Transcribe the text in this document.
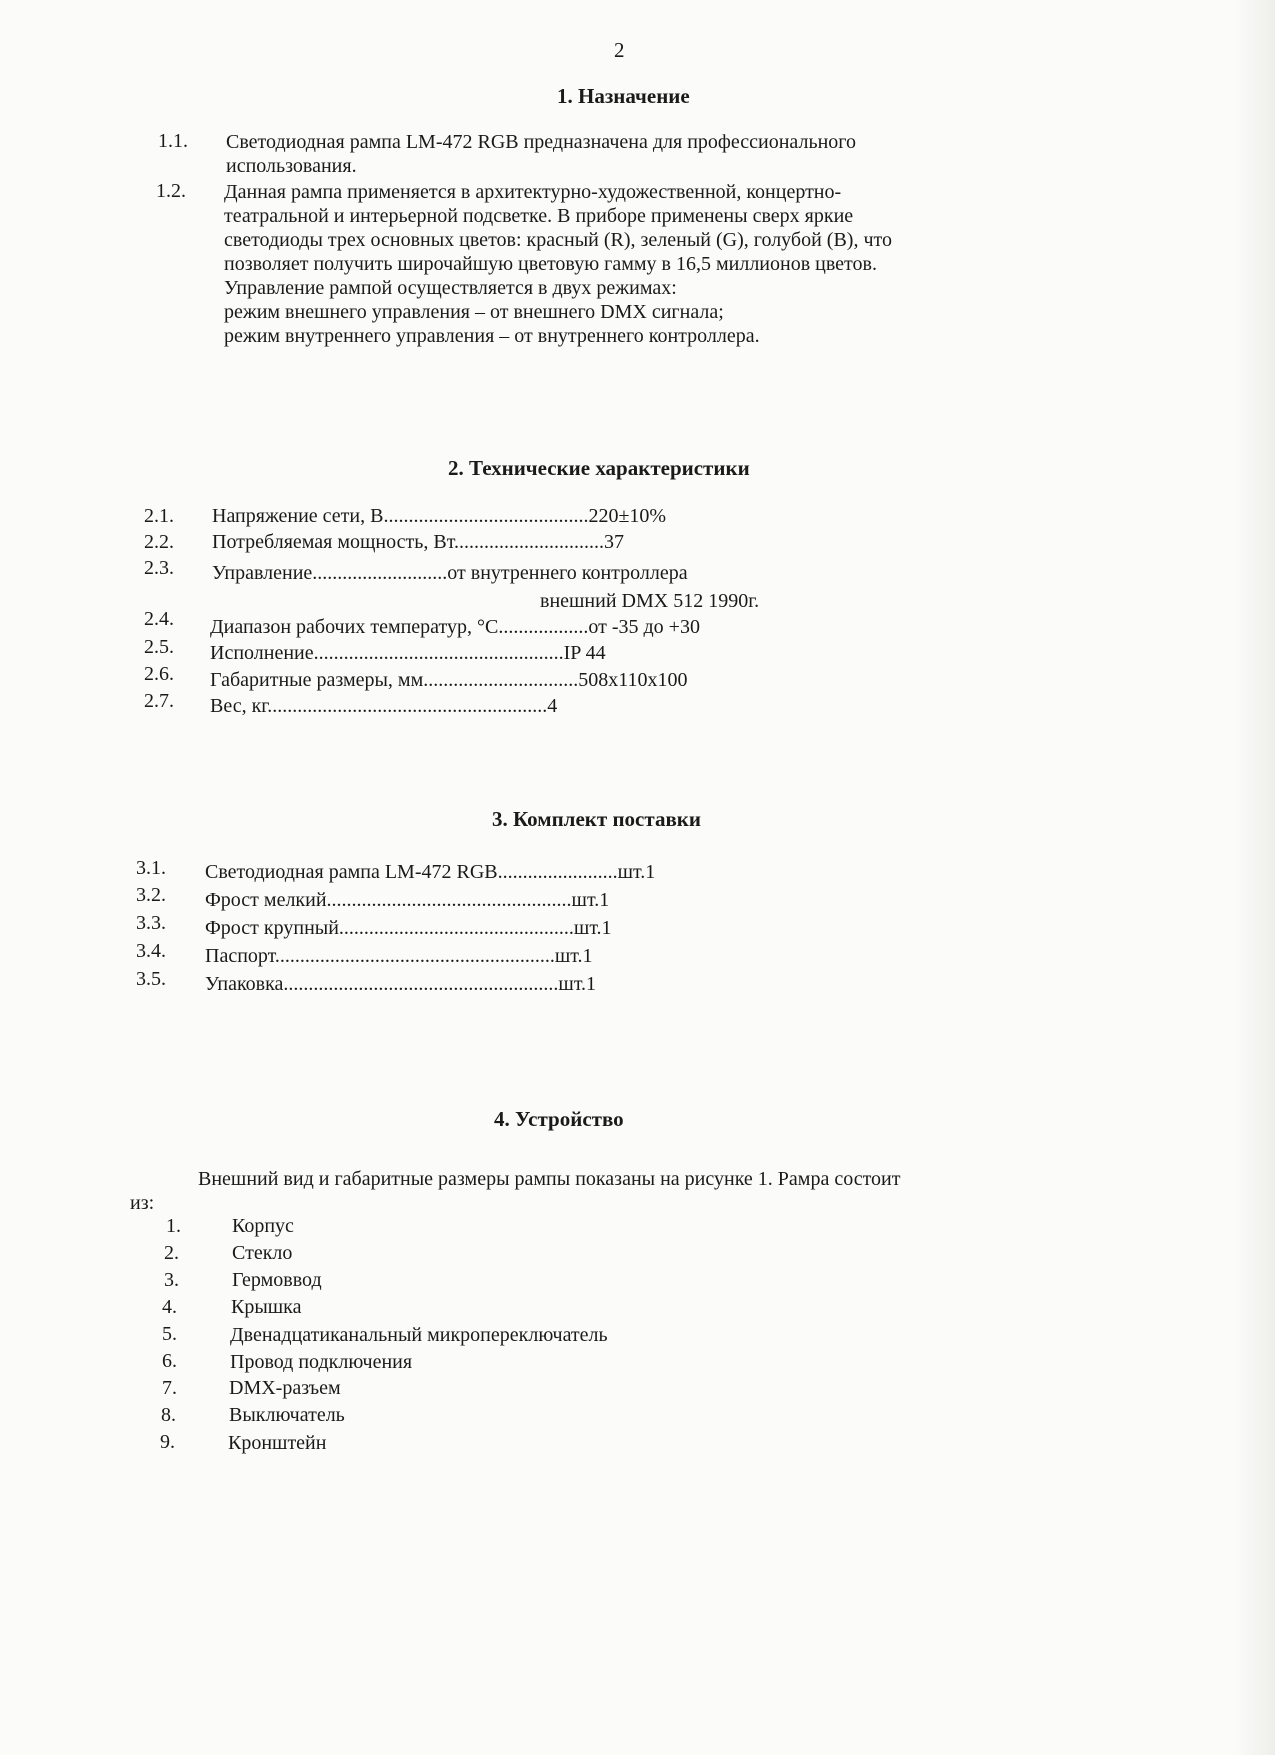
2
1. Назначение
1.1. Светодиодная рампа LM-472 RGB предназначена для профессионального
использования.
1.2. Данная рампа применяется в архитектурно-художественной, концертно-
театральной и интерьерной подсветке. В приборе применены сверх яркие
светодиоды трех основных цветов: красный (R), зеленый (G), голубой (B), что
позволяет получить широчайшую цветовую гамму в 16,5 миллионов цветов.
Управление рампой осуществляется в двух режимах:
режим внешнего управления – от внешнего DMX сигнала;
режим внутреннего управления – от внутреннего контроллера.
2. Технические характеристики
2.1. Напряжение сети, В.........................................220±10%
2.2. Потребляемая мощность, Вт..............................37
2.3. Управление...........................от внутреннего контроллера
внешний DMX 512 1990г.
2.4. Диапазон рабочих температур, °С..................от -35 до +30
2.5. Исполнение..................................................IP 44
2.6. Габаритные размеры, мм...............................508х110х100
2.7. Вес, кг........................................................4
3. Комплект поставки
3.1. Светодиодная рампа LM-472 RGB........................шт.1
3.2. Фрост мелкий.................................................шт.1
3.3. Фрост крупный...............................................шт.1
3.4. Паспорт........................................................шт.1
3.5. Упаковка.......................................................шт.1
4. Устройство
Внешний вид и габаритные размеры рампы показаны на рисунке 1. Рамра состоит
из:
1.	Корпус
2.	Стекло
3.	Гермоввод
4.	Крышка
5.	Двенадцатиканальный микропереключатель
6.	Провод подключения
7.	DMX-разъем
8.	Выключатель
9.	Кронштейн
